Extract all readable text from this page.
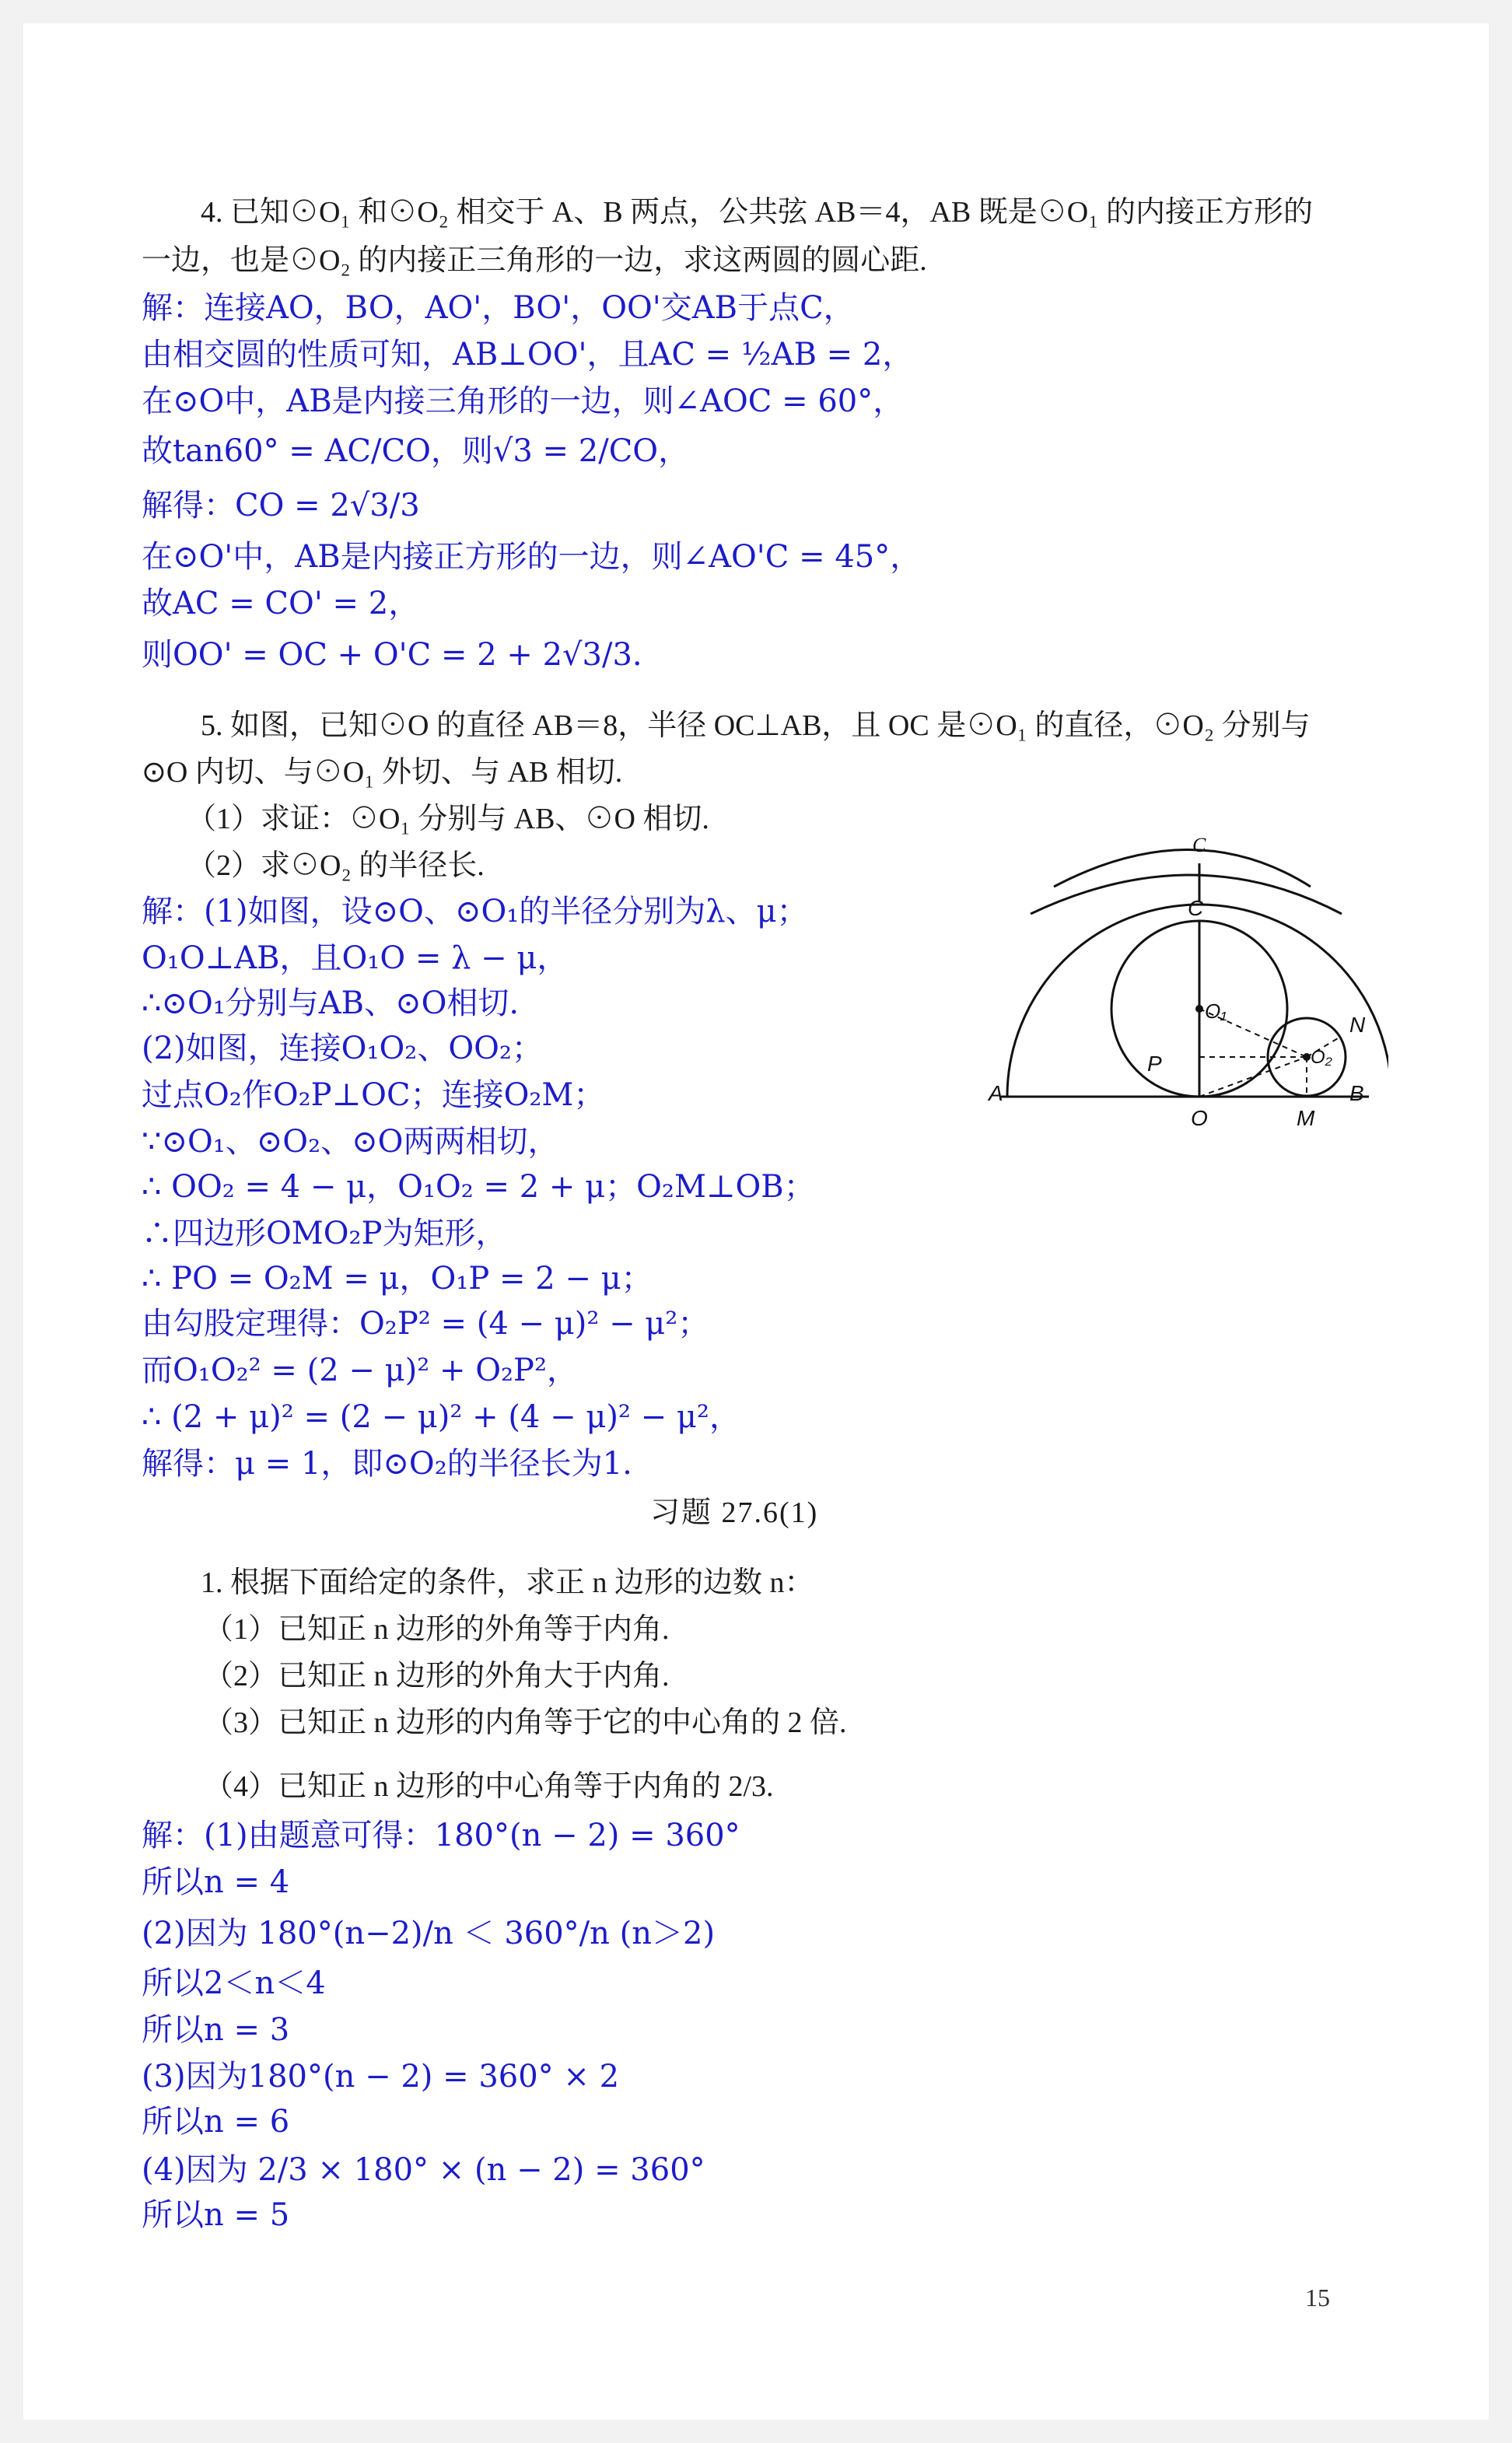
4. 已知⊙O₁ 和⊙O₂ 相交于 A、B 两点，公共弦 AB＝4，AB 既是⊙O₁ 的内接正方形的
一边，也是⊙O₂ 的内接正三角形的一边，求这两圆的圆心距.
解：连接AO，BO，AO'，BO'，OO'交AB于点C，
由相交圆的性质可知，AB⊥OO'，且AC = ½AB = 2，
在⊙O中，AB是内接三角形的一边，则∠AOC = 60°，
故tan60° = AC/CO，则√3 = 2/CO，
解得：CO = 2√3/3
在⊙O'中，AB是内接正方形的一边，则∠AO'C = 45°，
故AC = CO' = 2，
则OO' = OC + O'C = 2 + 2√3/3.
5. 如图，已知⊙O 的直径 AB＝8，半径 OC⊥AB，且 OC 是⊙O₁ 的直径，⊙O₂ 分别与
⊙O 内切、与⊙O₁ 外切、与 AB 相切.
（1）求证：⊙O₁ 分别与 AB、⊙O 相切.
（2）求⊙O₂ 的半径长.
解：(1)如图，设⊙O、⊙O₁的半径分别为λ、μ；
O₁O⊥AB，且O₁O = λ − μ，
∴⊙O₁分别与AB、⊙O相切.
(2)如图，连接O₁O₂、OO₂；
过点O₂作O₂P⊥OC；连接O₂M；
∵⊙O₁、⊙O₂、⊙O两两相切，
∴ OO₂ = 4 − μ，O₁O₂ = 2 + μ；O₂M⊥OB；
∴四边形OMO₂P为矩形，
∴ PO = O₂M = μ，O₁P = 2 − μ；
由勾股定理得：O₂P² = (4 − μ)² − μ²；
而O₁O₂² = (2 − μ)² + O₂P²，
∴ (2 + μ)² = (2 − μ)² + (4 − μ)² − μ²，
解得：μ = 1，即⊙O₂的半径长为1.
C
C
O₁
P	O₂
N
A
O	M
B
习题 27.6(1)
1. 根据下面给定的条件，求正 n 边形的边数 n：
（1）已知正 n 边形的外角等于内角.
（2）已知正 n 边形的外角大于内角.
（3）已知正 n 边形的内角等于它的中心角的 2 倍.
（4）已知正 n 边形的中心角等于内角的 2/3.
解：(1)由题意可得：180°(n − 2) = 360°
所以n = 4
(2)因为 180°(n−2)/n ＜ 360°/n (n＞2)
所以2＜n＜4
所以n = 3
(3)因为180°(n − 2) = 360° × 2
所以n = 6
(4)因为 2/3 × 180° × (n − 2) = 360°
所以n = 5
15
